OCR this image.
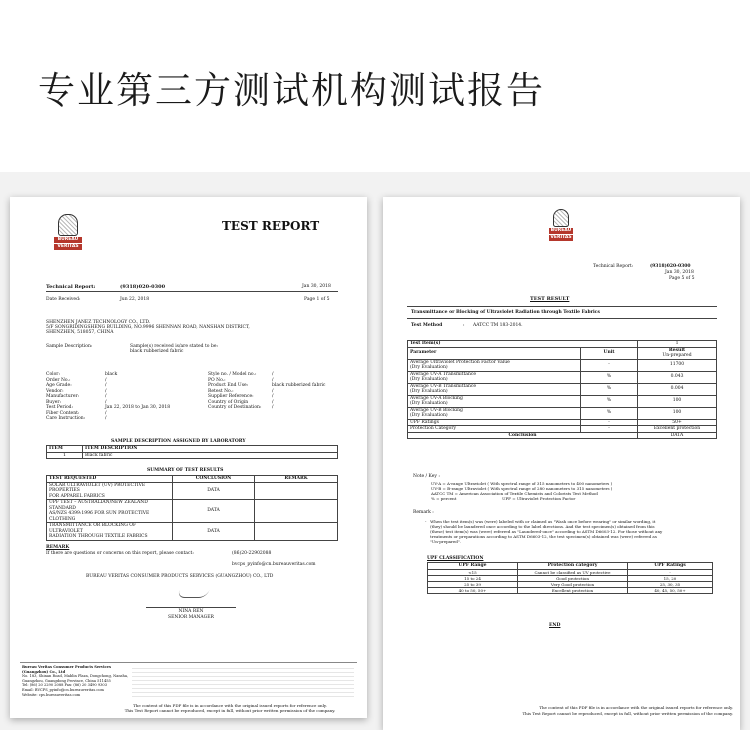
专业第三方测试机构测试报告
BUREAU
VERITAS
TEST REPORT
Technical Report:	(9318)020-0300	Jan 30, 2018
Date Received:	Jun 22, 2018	Page 1 of 5
SHENZHEN JANEZ TECHNOLOGY CO., LTD.
5/F SONGRIDINGSHENG BUILDING, NO.9996 SHENNAN ROAD, NANSHAN DISTRICT,
SHENZHEN, 518057, CHINA
Sample Description:	Sample(s) received is/are stated to be:
black rubberized fabric
Color:	black
Order No.:	/
Age Grade:	/
Vendor:	/
Manufacturer:	/
Buyer:	/
Test Period:	Jan 22, 2018 to Jan 30, 2018
Fiber Content:	/
Care Instruction:	/
Style no. / Model no.:	/
PO No.:	/
Product End Use:	black rubberized fabric
Retest No.:	/
Supplier Reference:	/
Country of Origin	/
Country of Destination: /
SAMPLE DESCRIPTION ASSIGNED BY LABORATORY
ITEM	ITEM DESCRIPTION
1	Black fabric
SUMMARY OF TEST RESULTS
TEST REQUESTED	CONCLUSION	REMARK

SOLAR ULTRAVIOLET (UV) PROTECTIVE PROPERTIES
FOR APPAREL FABRICS	DATA	

UPF TEST – AUSTRALIAN/NEW ZEALAND STANDARD
AS/NZS 4399:1996 FOR SUN PROTECTIVE CLOTHING	DATA	

TRANSMITTANCE OR BLOCKING OF ULTRAVIOLET
RADIATION THROUGH TEXTILE FABRICS	DATA	
REMARK
If there are questions or concerns on this report, please contact:	(86)20-22902088
bvcps_pyinfo@cn.bureauveritas.com
BUREAU VERITAS CONSUMER PRODUCTS SERVICES (GUANGZHOU) CO., LTD
NINA REN
SENIOR MANAGER
Bureau Veritas Consumer Products Services
(Guangzhou) Co., Ltd
No. 183, Shinan Road, Mablin Plaza, Dongchong, Nansha,
Guangzhou, Guangdong Province, China 511455
Tel: (86) 20 2290 2088 Fax: (86) 20 3490 9303
Email: BVCPS_pyinfo@cn.bureauveritas.com
Website: cps.bureauveritas.com
The content of this PDF file is in accordance with the original issued reports for reference only.
This Test Report cannot be reproduced, except in full, without prior written permission of the company.
BUREAU
VERITAS
Technical Report:	(9318)020-0300
Jan 30, 2018
Page 5 of 5
TEST RESULT
Transmittance or Blocking of Ultraviolet Radiation through Textile Fabrics
Test Method	: AATCC TM 183-2014.
Test Item(s)		1
Parameter	Unit	Result
Un-prepared

Average Ultraviolet Protection Factor Value
(Dry Evaluation)	-	11700

Average UV-A Transmittance
(Dry Evaluation)	%	0.043

Average UV-B Transmittance
(Dry Evaluation)	%	0.004

Average UV-A Blocking
(Dry Evaluation)	%	100

Average UV-B Blocking
(Dry Evaluation)	%	100

UPF Ratings	-	50+

Protection Category	-	Excellent protection
Conclusion		DATA
Note / Key :
UV-A = A-range Ultraviolet ( With spectral range of 315 nanometers to 400 nanometers )
UV-B = B-range Ultraviolet ( With spectral range of 280 nanometers to 315 nanometers )
AATCC TM = American Association of Textile Chemists and Colorists Test Method
% = percent                                    UPF = Ultraviolet Protection Factor
Remark :
-   When the test item(s) was (were) labeled with or claimed as "Wash once before wearing" or similar wording, it
(they) should be laundered once according to the label directions. And the test specimen(s) obtained from this
(these) test item(s) was (were) referred as "Laundered-once" according to ASTM D6603-12. For those without any
treatments or preparations according to ASTM D6603-12, the test specimen(s) obtained was (were) referred as
"Un-prepared".
UPF CLASSIFICATION
UPF Range	Protection category	UPF Ratings
<15	Cannot be classified as UV protective	-
15 to 24	Good protection	15, 20
25 to 39	Very Good protection	25, 30, 35
40 to 50, 50+	Excellent protection	40, 45, 50, 50+
END
The content of this PDF file is in accordance with the original issued reports for reference only.
This Test Report cannot be reproduced, except in full, without prior written permission of the company.
